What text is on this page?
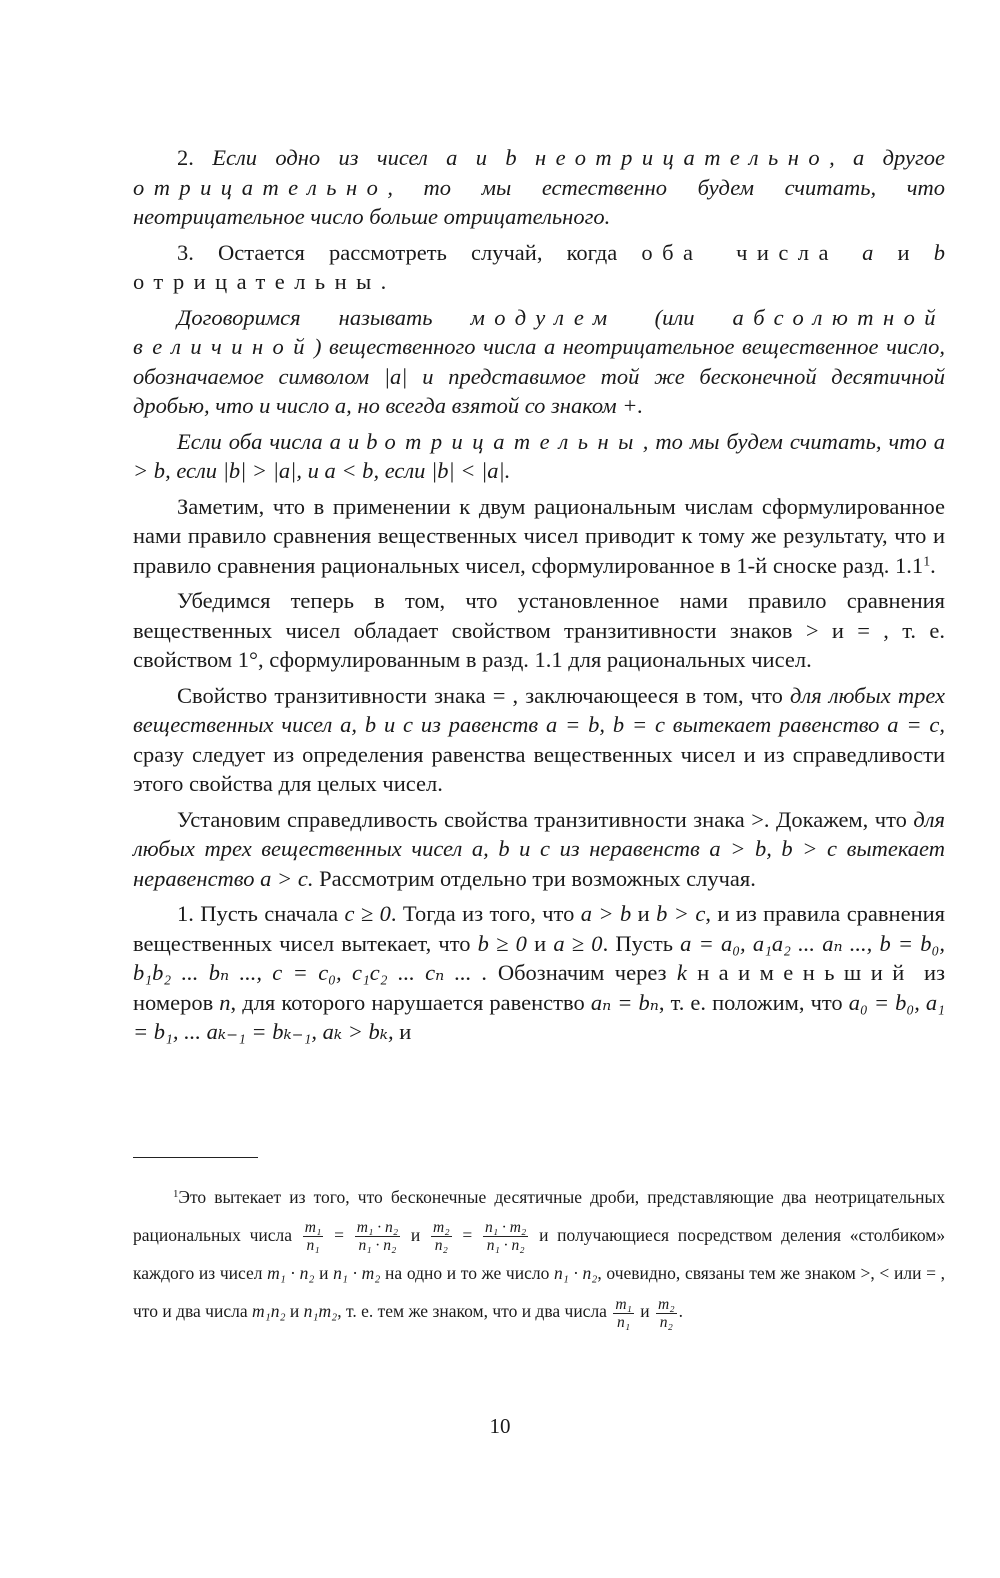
2. Если одно из чисел a и b неотрицательно, а другое отрицательно, то мы естественно будем считать, что неотрицательное число больше отрицательного.

3. Остается рассмотреть случай, когда оба числа a и b отрицательны.

Договоримся называть модулем (или абсолютной величиной) вещественного числа a неотрицательное вещественное число, обозначаемое символом |a| и представимое той же бесконечной десятичной дробью, что и число a, но всегда взятой со знаком +.

Если оба числа a и b отрицательны, то мы будем считать, что a > b, если |b| > |a|, и a < b, если |b| < |a|.

Заметим, что в применении к двум рациональным числам сформулированное нами правило сравнения вещественных чисел приводит к тому же результату, что и правило сравнения рациональных чисел, сформулированное в 1-й сноске разд. $1.1^1$.

Убедимся теперь в том, что установленное нами правило сравнения вещественных чисел обладает свойством транзитивности знаков > и = , т. е. свойством 1°, сформулированным в разд. 1.1 для рациональных чисел.

Свойство транзитивности знака = , заключающееся в том, что для любых трех вещественных чисел a, b и c из равенств a = b, b = c вытекает равенство a = c, сразу следует из определения равенства вещественных чисел и из справедливости этого свойства для целых чисел.

Установим справедливость свойства транзитивности знака >. Докажем, что для любых трех вещественных чисел a, b и c из неравенств a > b, b > c вытекает неравенство a > c. Рассмотрим отдельно три возможных случая.

1. Пусть сначала c ≥ 0. Тогда из того, что a > b и b > c, и из правила сравнения вещественных чисел вытекает, что b ≥ 0 и a ≥ 0. Пусть a = a₀, a₁a₂ ... aₙ ..., b = b₀, b₁b₂ ... bₙ ..., c = c₀, c₁c₂ ... cₙ ... . Обозначим через k наименьший из номеров n, для которого нарушается равенство aₙ = bₙ, т. е. положим, что a₀ = b₀, a₁ = b₁, ... aₖ₋₁ = bₖ₋₁, aₖ > bₖ, и

$^1$Это вытекает из того, что бесконечные десятичные дроби, представляющие два неотрицательных рациональных числа $\frac{\text{m₁}}{\text{n₁}} = \frac{\text{m₁ · n₂}}{\text{n₁ · n₂}}$ и $\frac{\text{m₂}}{\text{n₂}} = \frac{\text{n₁ · m₂}}{\text{n₁ · n₂}}$ и получающиеся посредством деления «столбиком» каждого из чисел m₁ · n₂ и n₁ · m₂ на одно и то же число n₁ · n₂, очевидно, связаны тем же знаком >, < или = , что и два числа m₁n₂ и n₁m₂, т. е. тем же знаком, что и два числа $\frac{\text{m₁}}{\text{n₁}}$ и $\frac{\text{m₂}}{\text{n₂}}$ .

10
